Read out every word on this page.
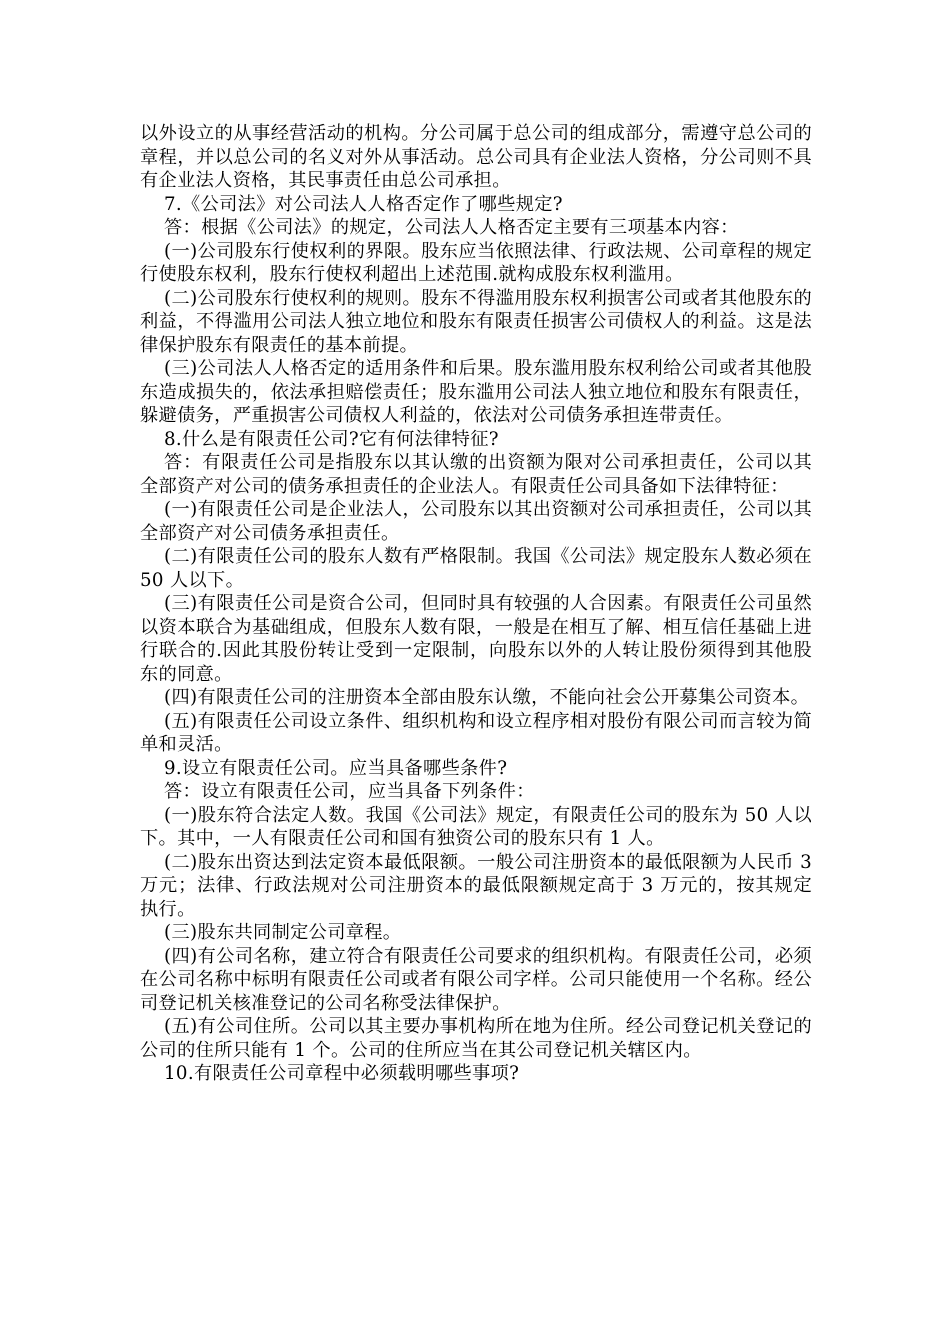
以外设立的从事经营活动的机构。分公司属于总公司的组成部分，需遵守总公司的章程，并以总公司的名义对外从事活动。总公司具有企业法人资格，分公司则不具有企业法人资格，其民事责任由总公司承担。

7.《公司法》对公司法人人格否定作了哪些规定?

答：根据《公司法》的规定，公司法人人格否定主要有三项基本内容：

(一)公司股东行使权利的界限。股东应当依照法律、行政法规、公司章程的规定行使股东权利，股东行使权利超出上述范围.就构成股东权利滥用。

(二)公司股东行使权利的规则。股东不得滥用股东权利损害公司或者其他股东的利益，不得滥用公司法人独立地位和股东有限责任损害公司债权人的利益。这是法律保护股东有限责任的基本前提。

(三)公司法人人格否定的适用条件和后果。股东滥用股东权利给公司或者其他股东造成损失的，依法承担赔偿责任；股东滥用公司法人独立地位和股东有限责任，躲避债务，严重损害公司债权人利益的，依法对公司债务承担连带责任。

8.什么是有限责任公司?它有何法律特征?

答：有限责任公司是指股东以其认缴的出资额为限对公司承担责任，公司以其全部资产对公司的债务承担责任的企业法人。有限责任公司具备如下法律特征：

(一)有限责任公司是企业法人，公司股东以其出资额对公司承担责任，公司以其全部资产对公司债务承担责任。

(二)有限责任公司的股东人数有严格限制。我国《公司法》规定股东人数必须在 50 人以下。

(三)有限责任公司是资合公司，但同时具有较强的人合因素。有限责任公司虽然以资本联合为基础组成，但股东人数有限，一般是在相互了解、相互信任基础上进行联合的.因此其股份转让受到一定限制，向股东以外的人转让股份须得到其他股东的同意。

(四)有限责任公司的注册资本全部由股东认缴，不能向社会公开募集公司资本。

(五)有限责任公司设立条件、组织机构和设立程序相对股份有限公司而言较为简单和灵活。

9.设立有限责任公司。应当具备哪些条件?

答：设立有限责任公司，应当具备下列条件：

(一)股东符合法定人数。我国《公司法》规定，有限责任公司的股东为 50 人以下。其中，一人有限责任公司和国有独资公司的股东只有 1 人。

(二)股东出资达到法定资本最低限额。一般公司注册资本的最低限额为人民币 3 万元；法律、行政法规对公司注册资本的最低限额规定高于 3 万元的，按其规定执行。

(三)股东共同制定公司章程。

(四)有公司名称，建立符合有限责任公司要求的组织机构。有限责任公司，必须在公司名称中标明有限责任公司或者有限公司字样。公司只能使用一个名称。经公司登记机关核准登记的公司名称受法律保护。

(五)有公司住所。公司以其主要办事机构所在地为住所。经公司登记机关登记的公司的住所只能有 1 个。公司的住所应当在其公司登记机关辖区内。

10.有限责任公司章程中必须载明哪些事项?
